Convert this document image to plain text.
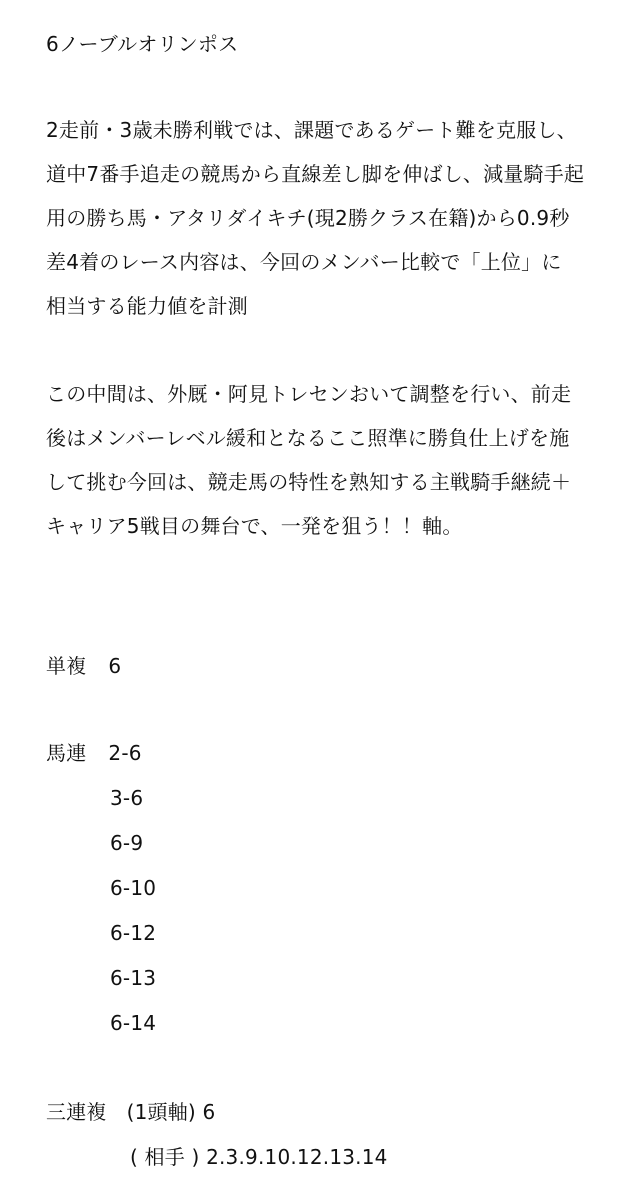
6ノーブルオリンポス
2走前・3歳未勝利戦では、課題であるゲート難を克服し、
道中7番手追走の競馬から直線差し脚を伸ばし、減量騎手起
用の勝ち馬・アタリダイキチ(現2勝クラス在籍)から0.9秒
差4着のレース内容は、今回のメンバー比較で「上位」に
相当する能力値を計測
この中間は、外厩・阿見トレセンおいて調整を行い、前走
後はメンバーレベル緩和となるここ照準に勝負仕上げを施
して挑む今回は、競走馬の特性を熟知する主戦騎手継続＋
キャリア5戦目の舞台で、一発を狙う！！軸。
単複 6
馬連 2-6
3-6
6-9
6-10
6-12
6-13
6-14
三連複 (1頭軸) 6
( 相手 ) 2.3.9.10.12.13.14
